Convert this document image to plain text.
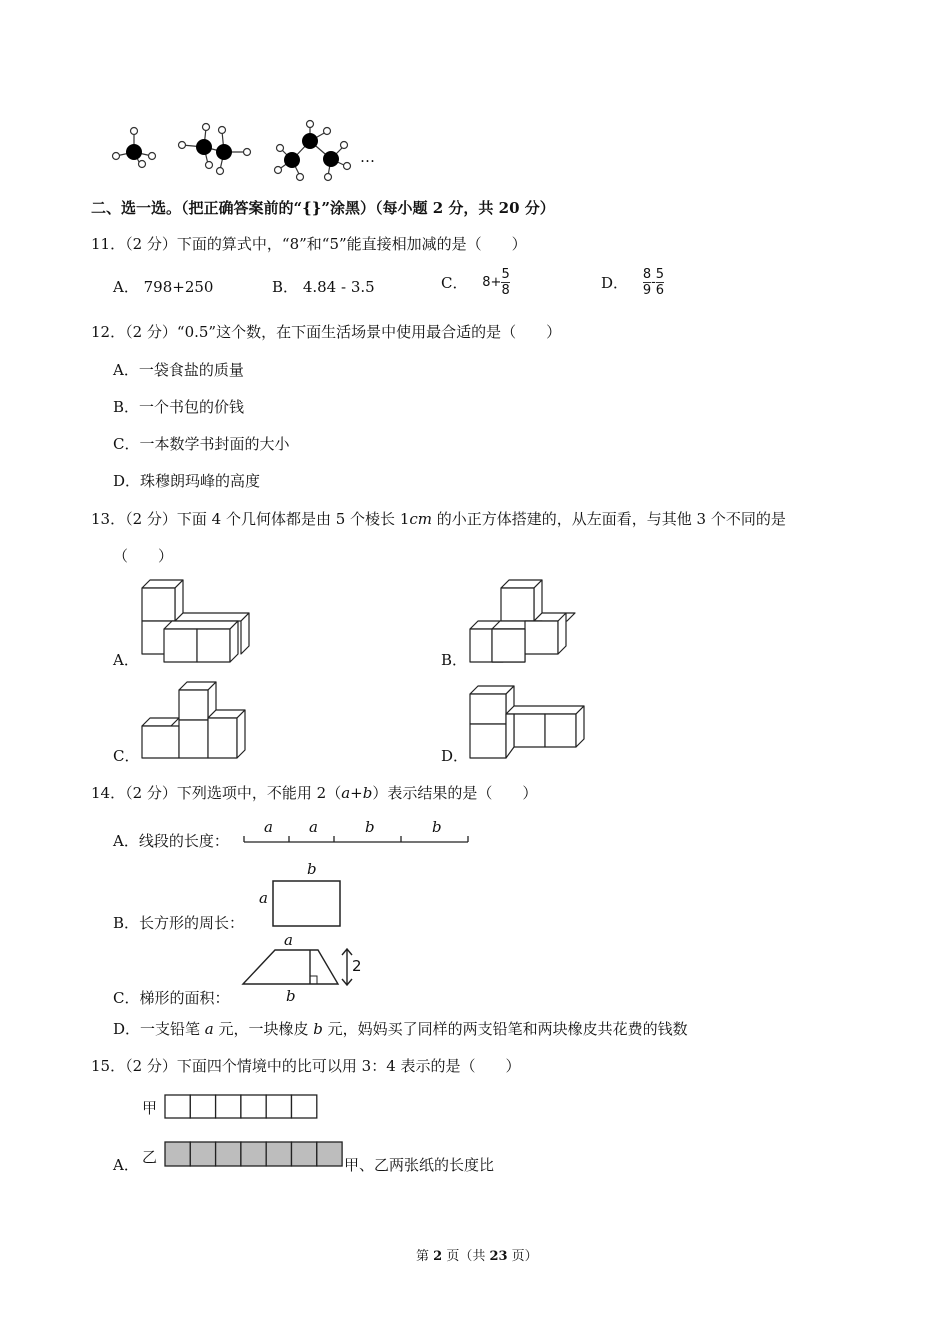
…
二、选一选。（把正确答案前的“{}”涂黑）（每小题 2 分，共 20 分）
11．（2 分）下面的算式中，“8”和“5”能直接相加减的是（　　）
A． 798+250	B． 4.84 - 3.5	C． $8+ \frac{5}{8}$	D． $\frac{8}{9} - \frac{5}{6}$
12．（2 分）“0.5”这个数，在下面生活场景中使用最合适的是（　　）
A．一袋食盐的质量
B．一个书包的价钱
C．一本数学书封面的大小
D．珠穆朗玛峰的高度
13．（2 分）下面 4 个几何体都是由 5 个棱长 1cm 的小正方体搭建的，从左面看，与其他 3 个不同的是
（　　）
A．	B．
C．	D．
14．（2 分）下列选项中，不能用 2（a+b）表示结果的是（　　）
A．线段的长度：
a a	b	b
B．长方形的周长：
b
a
C．梯形的面积：
a
b
2
D．一支铅笔 a 元，一块橡皮 b 元，妈妈买了同样的两支铅笔和两块橡皮共花费的钱数
15．（2 分）下面四个情境中的比可以用 3：4 表示的是（　　）
甲
A． 乙	甲、乙两张纸的长度比
第 2 页（共 23 页）
